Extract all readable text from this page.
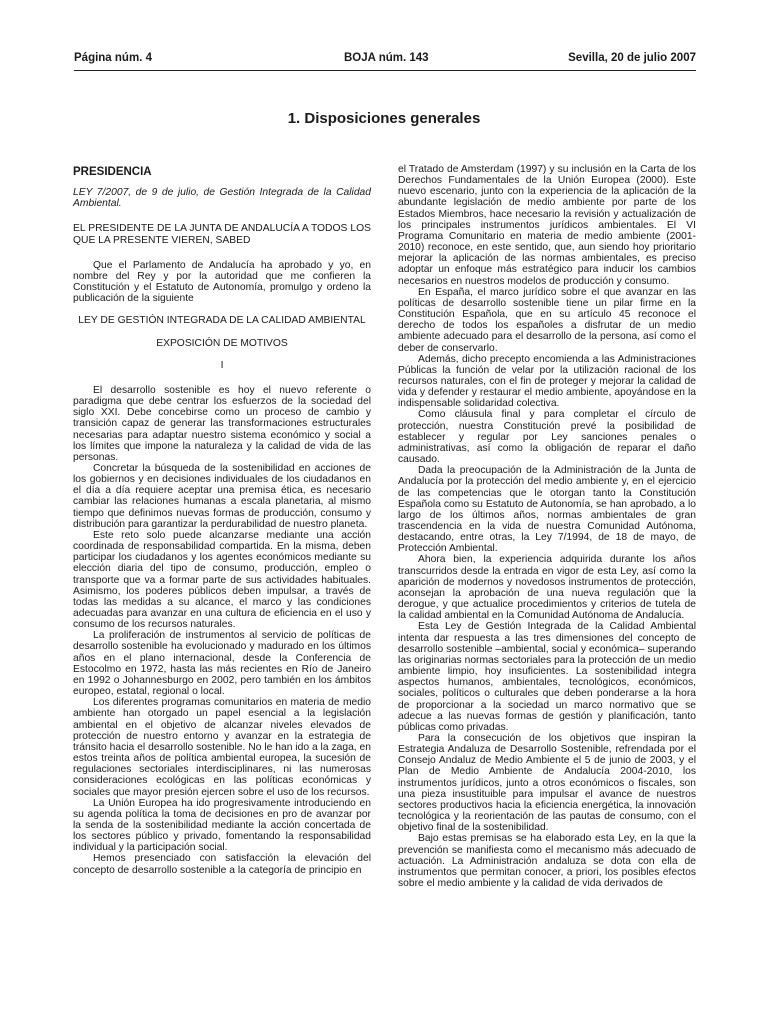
Página núm. 4	BOJA núm. 143	Sevilla, 20 de julio 2007
1. Disposiciones generales
PRESIDENCIA

LEY 7/2007, de 9 de julio, de Gestión Integrada de la Calidad Ambiental.

EL PRESIDENTE DE LA JUNTA DE ANDALUCÍA A TODOS LOS QUE LA PRESENTE VIEREN, SABED

Que el Parlamento de Andalucía ha aprobado y yo, en nombre del Rey y por la autoridad que me confieren la Constitución y el Estatuto de Autonomía, promulgo y ordeno la publicación de la siguiente

LEY DE GESTIÓN INTEGRADA DE LA CALIDAD AMBIENTAL

EXPOSICIÓN DE MOTIVOS

I

El desarrollo sostenible es hoy el nuevo referente o paradigma que debe centrar los esfuerzos de la sociedad del siglo XXI. Debe concebirse como un proceso de cambio y transición capaz de generar las transformaciones estructurales necesarias para adaptar nuestro sistema económico y social a los límites que impone la naturaleza y la calidad de vida de las personas.

Concretar la búsqueda de la sostenibilidad en acciones de los gobiernos y en decisiones individuales de los ciudadanos en el día a día requiere aceptar una premisa ética, es necesario cambiar las relaciones humanas a escala planetaria, al mismo tiempo que definimos nuevas formas de producción, consumo y distribución para garantizar la perdurabilidad de nuestro planeta.

Este reto solo puede alcanzarse mediante una acción coordinada de responsabilidad compartida. En la misma, deben participar los ciudadanos y los agentes económicos mediante su elección diaria del tipo de consumo, producción, empleo o transporte que va a formar parte de sus actividades habituales. Asimismo, los poderes públicos deben impulsar, a través de todas las medidas a su alcance, el marco y las condiciones adecuadas para avanzar en una cultura de eficiencia en el uso y consumo de los recursos naturales.

La proliferación de instrumentos al servicio de políticas de desarrollo sostenible ha evolucionado y madurado en los últimos años en el plano internacional, desde la Conferencia de Estocolmo en 1972, hasta las más recientes en Río de Janeiro en 1992 o Johannesburgo en 2002, pero también en los ámbitos europeo, estatal, regional o local.

Los diferentes programas comunitarios en materia de medio ambiente han otorgado un papel esencial a la legislación ambiental en el objetivo de alcanzar niveles elevados de protección de nuestro entorno y avanzar en la estrategia de tránsito hacia el desarrollo sostenible. No le han ido a la zaga, en estos treinta años de política ambiental europea, la sucesión de regulaciones sectoriales interdisciplinares, ni las numerosas consideraciones ecológicas en las políticas económicas y sociales que mayor presión ejercen sobre el uso de los recursos.

La Unión Europea ha ido progresivamente introduciendo en su agenda política la toma de decisiones en pro de avanzar por la senda de la sostenibilidad mediante la acción concertada de los sectores público y privado, fomentando la responsabilidad individual y la participación social.

Hemos presenciado con satisfacción la elevación del concepto de desarrollo sostenible a la categoría de principio en

el Tratado de Amsterdam (1997) y su inclusión en la Carta de los Derechos Fundamentales de la Unión Europea (2000). Este nuevo escenario, junto con la experiencia de la aplicación de la abundante legislación de medio ambiente por parte de los Estados Miembros, hace necesario la revisión y actualización de los principales instrumentos jurídicos ambientales. El VI Programa Comunitario en materia de medio ambiente (2001-2010) reconoce, en este sentido, que, aun siendo hoy prioritario mejorar la aplicación de las normas ambientales, es preciso adoptar un enfoque más estratégico para inducir los cambios necesarios en nuestros modelos de producción y consumo.

En España, el marco jurídico sobre el que avanzar en las políticas de desarrollo sostenible tiene un pilar firme en la Constitución Española, que en su artículo 45 reconoce el derecho de todos los españoles a disfrutar de un medio ambiente adecuado para el desarrollo de la persona, así como el deber de conservarlo.

Además, dicho precepto encomienda a las Administraciones Públicas la función de velar por la utilización racional de los recursos naturales, con el fin de proteger y mejorar la calidad de vida y defender y restaurar el medio ambiente, apoyándose en la indispensable solidaridad colectiva.

Como cláusula final y para completar el círculo de protección, nuestra Constitución prevé la posibilidad de establecer y regular por Ley sanciones penales o administrativas, así como la obligación de reparar el daño causado.

Dada la preocupación de la Administración de la Junta de Andalucía por la protección del medio ambiente y, en el ejercicio de las competencias que le otorgan tanto la Constitución Española como su Estatuto de Autonomía, se han aprobado, a lo largo de los últimos años, normas ambientales de gran trascendencia en la vida de nuestra Comunidad Autónoma, destacando, entre otras, la Ley 7/1994, de 18 de mayo, de Protección Ambiental.

Ahora bien, la experiencia adquirida durante los años transcurridos desde la entrada en vigor de esta Ley, así como la aparición de modernos y novedosos instrumentos de protección, aconsejan la aprobación de una nueva regulación que la derogue, y que actualice procedimientos y criterios de tutela de la calidad ambiental en la Comunidad Autónoma de Andalucía.

Esta Ley de Gestión Integrada de la Calidad Ambiental intenta dar respuesta a las tres dimensiones del concepto de desarrollo sostenible –ambiental, social y económica– superando las originarias normas sectoriales para la protección de un medio ambiente limpio, hoy insuficientes. La sostenibilidad integra aspectos humanos, ambientales, tecnológicos, económicos, sociales, políticos o culturales que deben ponderarse a la hora de proporcionar a la sociedad un marco normativo que se adecue a las nuevas formas de gestión y planificación, tanto públicas como privadas.

Para la consecución de los objetivos que inspiran la Estrategia Andaluza de Desarrollo Sostenible, refrendada por el Consejo Andaluz de Medio Ambiente el 5 de junio de 2003, y el Plan de Medio Ambiente de Andalucía 2004-2010, los instrumentos jurídicos, junto a otros económicos o fiscales, son una pieza insustituible para impulsar el avance de nuestros sectores productivos hacia la eficiencia energética, la innovación tecnológica y la reorientación de las pautas de consumo, con el objetivo final de la sostenibilidad.

Bajo estas premisas se ha elaborado esta Ley, en la que la prevención se manifiesta como el mecanismo más adecuado de actuación. La Administración andaluza se dota con ella de instrumentos que permitan conocer, a priori, los posibles efectos sobre el medio ambiente y la calidad de vida derivados de
